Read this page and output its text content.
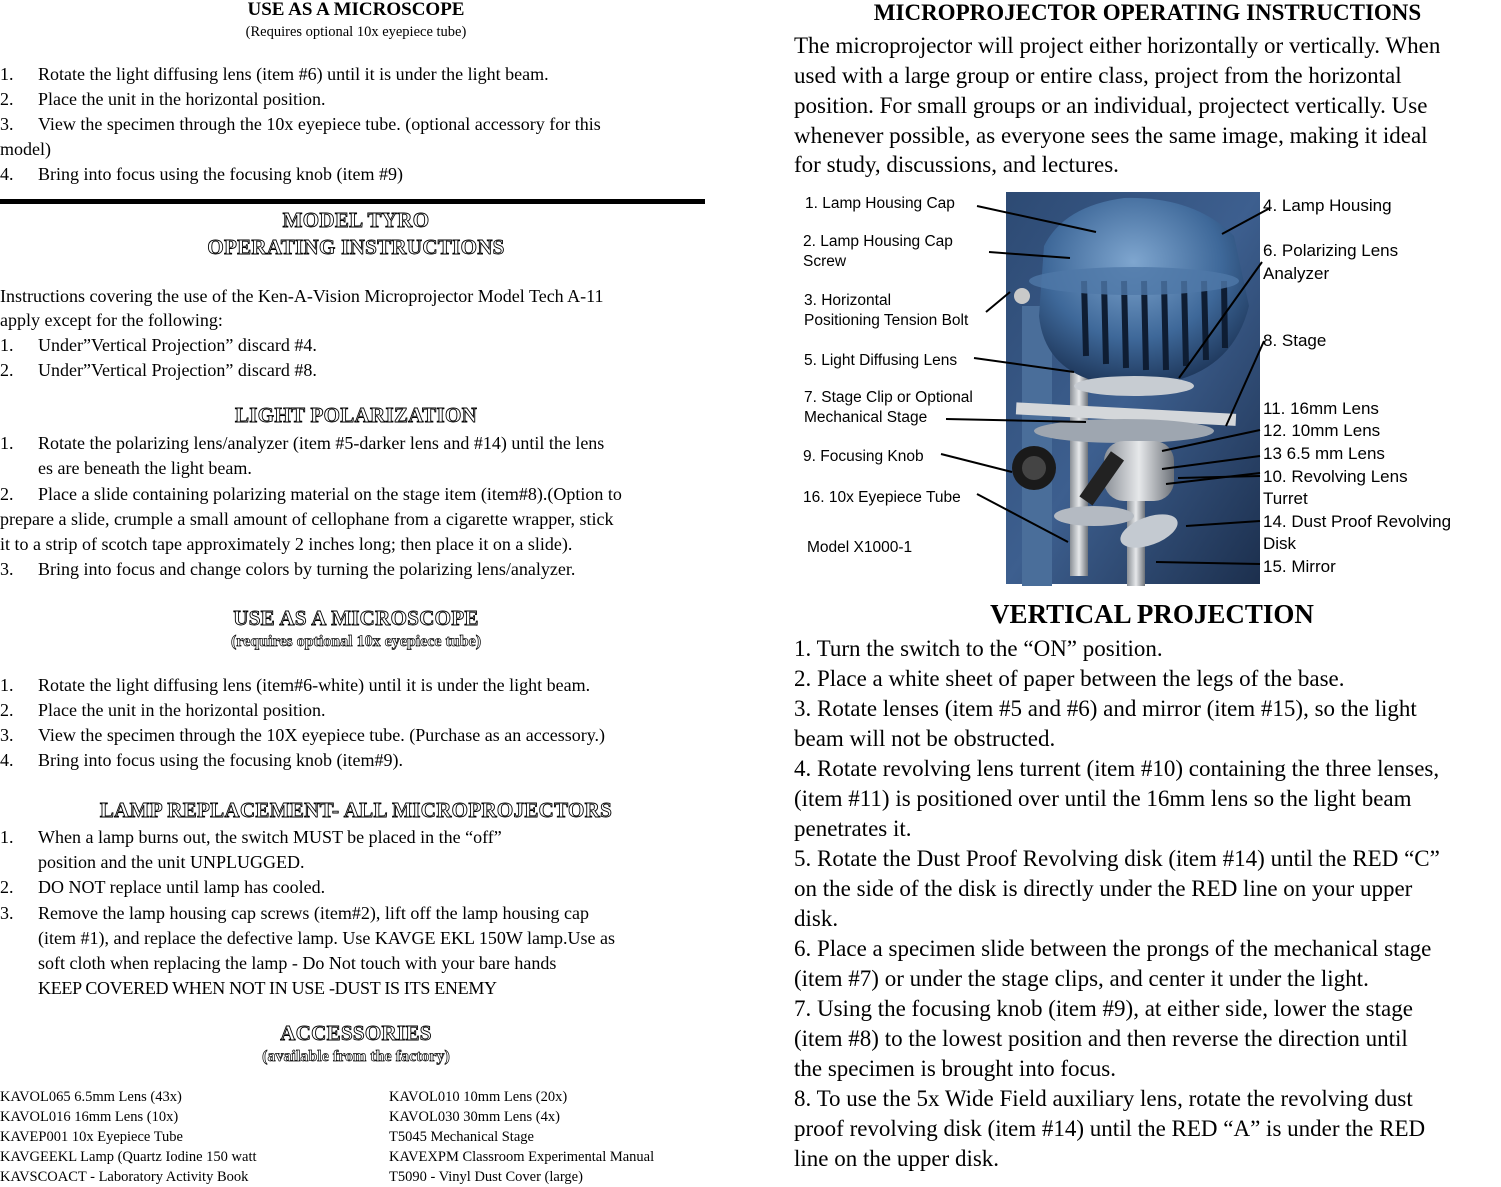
USE AS A MICROSCOPE
(Requires optional 10x eyepiece tube)
1. Rotate the light diffusing lens (item #6) until it is under the light beam.
2. Place the unit in the horizontal position.
3. View the specimen through the 10x eyepiece tube. (optional accessory for this
model)
4. Bring into focus using the focusing knob (item #9)
MODEL TYRO
OPERATING INSTRUCTIONS
Instructions covering the use of the Ken-A-Vision Microprojector Model Tech A-11
apply except for the following:
1. Under”Vertical Projection” discard #4.
2. Under”Vertical Projection” discard #8.
LIGHT POLARIZATION
1. Rotate the polarizing lens/analyzer (item #5-darker lens and #14) until the lens
es are beneath the light beam.
2. Place a slide containing polarizing material on the stage item (item#8).(Option to
prepare a slide, crumple a small amount of cellophane from a cigarette wrapper, stick
it to a strip of scotch tape approximately 2 inches long; then place it on a slide).
3. Bring into focus and change colors by turning the polarizing lens/analyzer.
USE AS A MICROSCOPE
(requires optional 10x eyepiece tube)
1. Rotate the light diffusing lens (item#6-white) until it is under the light beam.
2. Place the unit in the horizontal position.
3. View the specimen through the 10X eyepiece tube. (Purchase as an accessory.)
4. Bring into focus using the focusing knob (item#9).
LAMP REPLACEMENT- ALL MICROPROJECTORS
1. When a lamp burns out, the switch MUST be placed in the “off”
position and the unit UNPLUGGED.
2. DO NOT replace until lamp has cooled.
3. Remove the lamp housing cap screws (item#2), lift off the lamp housing cap
(item #1), and replace the defective lamp. Use KAVGE EKL 150W lamp.Use as
soft cloth when replacing the lamp - Do Not touch with your bare hands
KEEP COVERED WHEN NOT IN USE -DUST IS ITS ENEMY
ACCESSORIES
(available from the factory)
KAVOL065 6.5mm Lens (43x)	KAVOL010 10mm Lens (20x)
KAVOL016 16mm Lens (10x)	KAVOL030 30mm Lens (4x)
KAVEP001 10x Eyepiece Tube	T5045 Mechanical Stage
KAVGEEKL Lamp (Quartz Iodine 150 watt	KAVEXPM Classroom Experimental Manual
KAVSCOACT - Laboratory Activity Book	T5090 - Vinyl Dust Cover (large)
MICROPROJECTOR OPERATING INSTRUCTIONS
The microprojector will project either horizontally or vertically. When
used with a large group or entire class, project from the horizontal
position. For small groups or an individual, projectect vertically. Use
whenever possible, as everyone sees the same image, making it ideal
for study, discussions, and lectures.
1. Lamp Housing Cap
2. Lamp Housing Cap
Screw
3. Horizontal
Positioning Tension Bolt
5. Light Diffusing Lens
7. Stage Clip or Optional
Mechanical Stage
9. Focusing Knob
16. 10x Eyepiece Tube
Model X1000-1
4. Lamp Housing
6. Polarizing Lens
Analyzer
8. Stage
11. 16mm Lens
12. 10mm Lens
13 6.5 mm Lens
10. Revolving Lens
Turret
14. Dust Proof Revolving
Disk
15. Mirror
VERTICAL PROJECTION
1. Turn the switch to the “ON” position.
2. Place a white sheet of paper between the legs of the base.
3. Rotate lenses (item #5 and #6) and mirror (item #15), so the light
beam will not be obstructed.
4. Rotate revolving lens turrent (item #10) containing the three lenses,
(item #11) is positioned over until the 16mm lens so the light beam
penetrates it.
5. Rotate the Dust Proof Revolving disk (item #14) until the RED “C”
on the side of the disk is directly under the RED line on your upper
disk.
6. Place a specimen slide between the prongs of the mechanical stage
(item #7) or under the stage clips, and center it under the light.
7. Using the focusing knob (item #9), at either side, lower the stage
(item #8) to the lowest position and then reverse the direction until
the specimen is brought into focus.
8. To use the 5x Wide Field auxiliary lens, rotate the revolving dust
proof revolving disk (item #14) until the RED “A” is under the RED
line on the upper disk.
